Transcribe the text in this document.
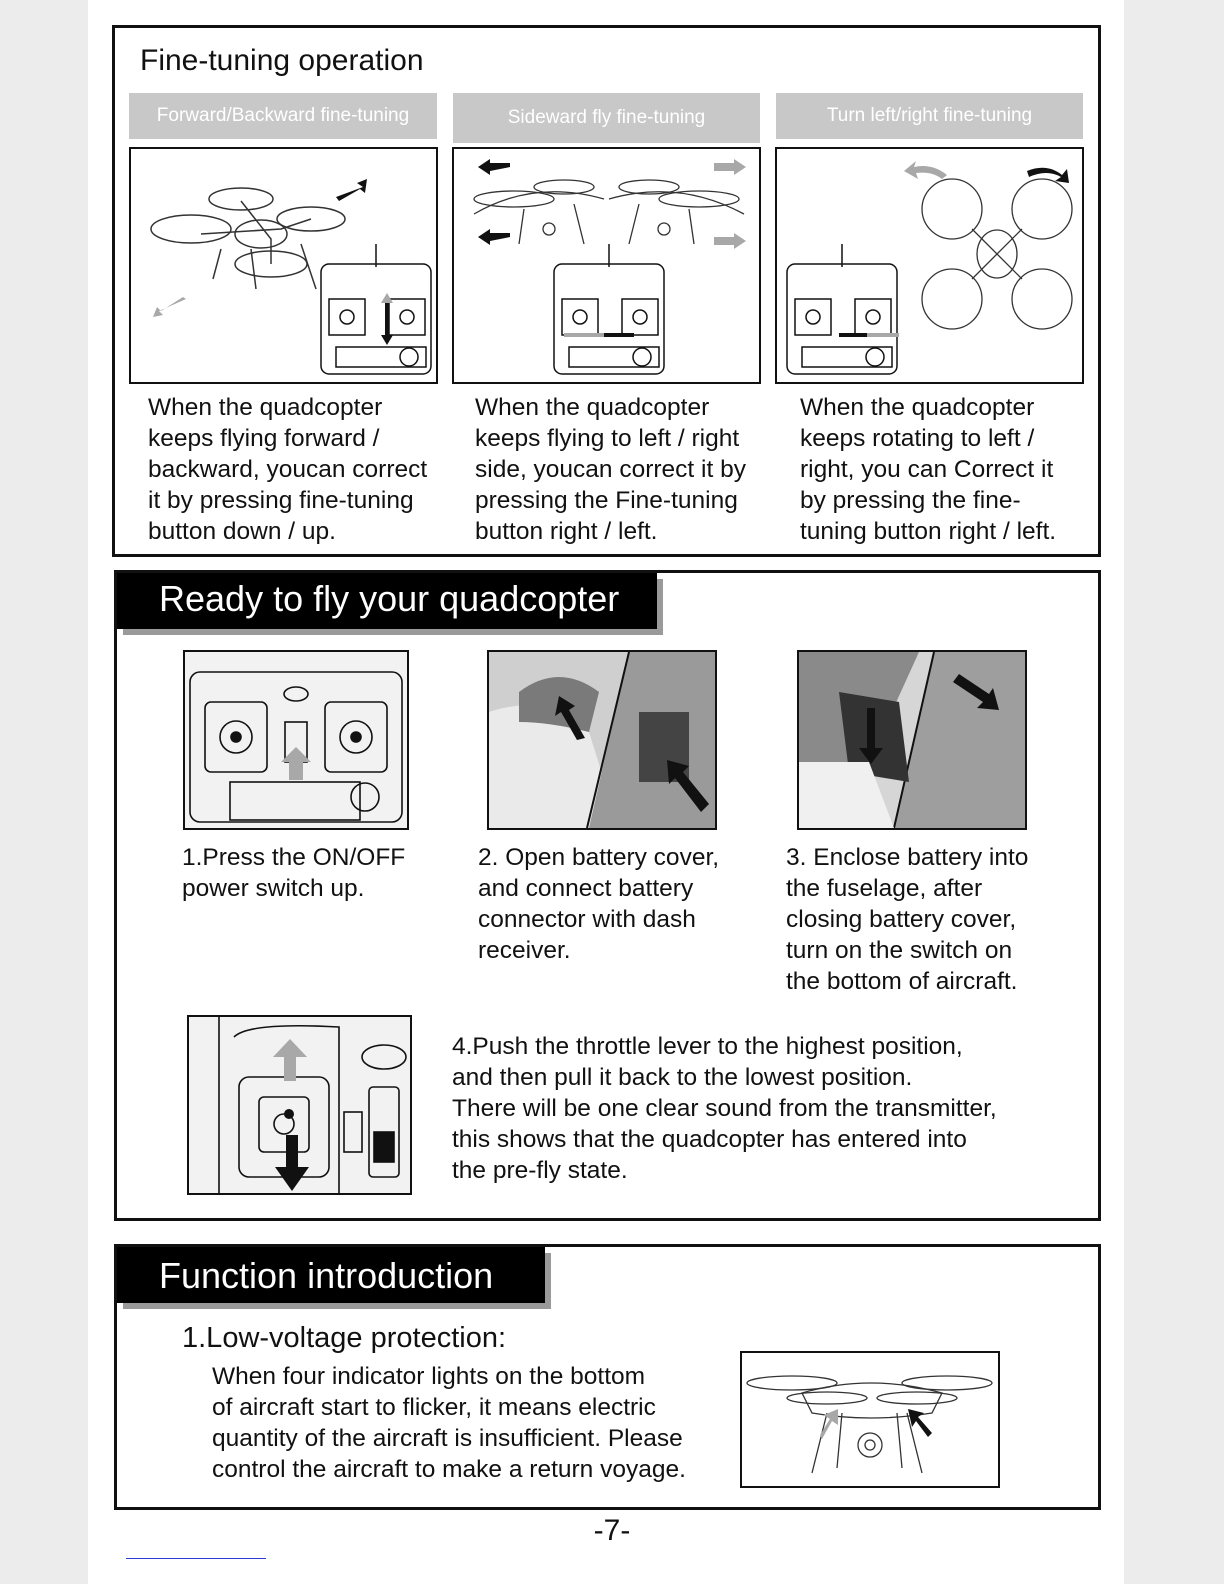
Fine-tuning operation
Forward/Backward fine-tuning	Sideward fly fine-tuning	Turn left/right fine-tuning
When the quadcopter
keeps flying forward /
backward, youcan correct
it by pressing fine-tuning
button down / up.
When the quadcopter
keeps flying to left / right
side, youcan correct it by
pressing the Fine-tuning
button right / left.
When the quadcopter
keeps rotating to left /
right, you can Correct it
by pressing the fine-
tuning button right / left.
Ready to fly your quadcopter
1.Press the ON/OFF
power switch up.
2. Open battery cover,
and connect battery
connector with dash
receiver.
3. Enclose battery into
the fuselage, after
closing battery cover,
turn on the switch on
the bottom of aircraft.
4.Push the throttle lever to the highest position,
and then pull it back to the lowest position.
There will be one clear sound from the transmitter,
this shows that the quadcopter has entered into
the pre-fly state.
Function introduction
1.Low-voltage protection:
When four indicator lights on the bottom
of aircraft start to flicker, it means electric
quantity of the aircraft is insufficient. Please
control the aircraft to make a return voyage.
-7-
